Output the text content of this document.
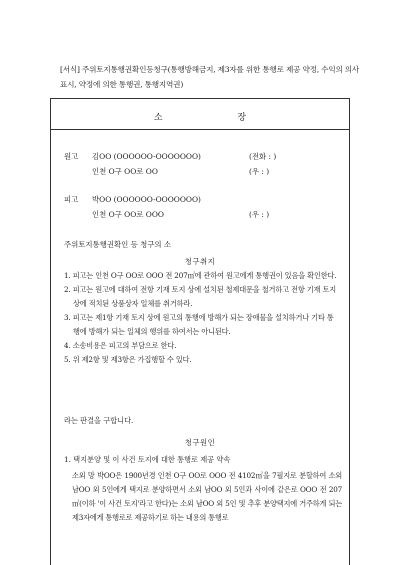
[서식] 주위토지통행권확인등청구(통행방해금지, 제3자를 위한 통행로 제공 약정, 수익의 의사표시, 약정에 의한 통행권, 통행지역권)
소 장
원고 김OO (OOOOOO-OOOOOOO)	(전화 : )
인천 O구 OO로 OO	(우 : )
피고 박OO (OOOOOO-OOOOOOO)
인천 O구 OO로 OOO	(우 : )
주위토지통행권확인 등 청구의 소
청구취지
1. 피고는 인천 O구 OO로 OOO 전 207㎡에 관하여 원고에게 통행권이 있음을 확인한다.
2. 피고는 원고에 대하여 전항 기재 토지 상에 설치된 철제대문을 철거하고 전항 기재 토지상에 적치된 상품상자 일체를 취거하라.
3. 피고는 제1항 기재 토지 상에 원고의 통행에 방해가 되는 장애물을 설치하거나 기타 통행에 방해가 되는 일체의 행위를 하여서는 아니된다.
4. 소송비용은 피고의 부담으로 한다.
5. 위 제2항 및 제3항은 가집행할 수 있다.
라는 판결을 구합니다.
청구원인
1. 택지분양 및 이 사건 토지에 대한 통행로 제공 약속
소외 망 박OO은 1900년경 인천 O구 OO로 OOO 전 4102㎡을 7필지로 분할하여 소외 남OO 외 5인에게 택지로 분양하면서 소외 남OO 외 5인과 사이에 같은로 OOO 전 207㎡(이하 '이 사건 토지'라고 한다)는 소외 남OO 외 5인 및 추후 분양택지에 거주하게 되는 제3자에게 통행로로 제공하기로 하는 내용의 통행로
